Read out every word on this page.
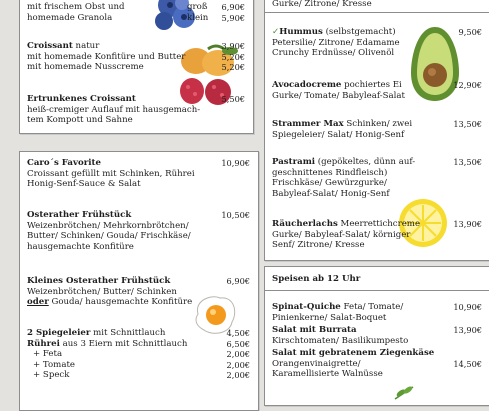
mit frischem Obst und	groß 6,90€
homemade Granola	klein 5,90€
Croissant natur	3,90€
mit homemade Konfitüre und Butter	5,20€
mit homemade Nusscreme	5,20€
Ertrunkenes Croissant	5,50€
heiß-cremiger Auflauf mit hausgemach-
tem Kompott und Sahne
Caro´s Favorite	10,90€
Croissant gefüllt mit Schinken, Rührei
Honig-Senf-Sauce & Salat
Osterather Frühstück	10,50€
Weizenbrötchen/ Mehrkornbrötchen/
Butter/ Schinken/ Gouda/ Frischkäse/
hausgemachte Konfitüre
Kleines Osterather Frühstück	6,90€
Weizenbrötchen/ Butter/ Schinken
oder Gouda/ hausgemachte Konfitüre
2 Spiegeleier mit Schnittlauch	4,50€
Rührei aus 3 Eiern mit Schnittlauch	6,50€
+ Feta	2,00€
+ Tomate	2,00€
+ Speck	2,00€
Gurke/ Zitrone/ Kresse
✓Hummus (selbstgemacht)	9,50€
Petersilie/ Zitrone/ Edamame
Crunchy Erdnüsse/ Olivenöl
Avocadocreme pochiertes Ei	12,90€
Gurke/ Tomate/ Babyleaf-Salat
Strammer Max Schinken/ zwei	13,50€
Spiegeleier/ Salat/ Honig-Senf
Pastrami (gepökeltes, dünn auf-	13,50€
geschnittenes Rindfleisch)
Frischkäse/ Gewürzgurke/
Babyleaf-Salat/ Honig-Senf
Räucherlachs Meerrettichcreme	13,90€
Gurke/ Babyleaf-Salat/ körniger
Senf/ Zitrone/ Kresse
Speisen ab 12 Uhr
Spinat-Quiche Feta/ Tomate/	10,90€
Pinienkerne/ Salat-Boquet
Salat mit Burrata	13,90€
Kirschtomaten/ Basilikumpesto
Salat mit gebratenem Ziegenkäse
Orangenvinaigrette/	14,50€
Karamellisierte Walnüsse
